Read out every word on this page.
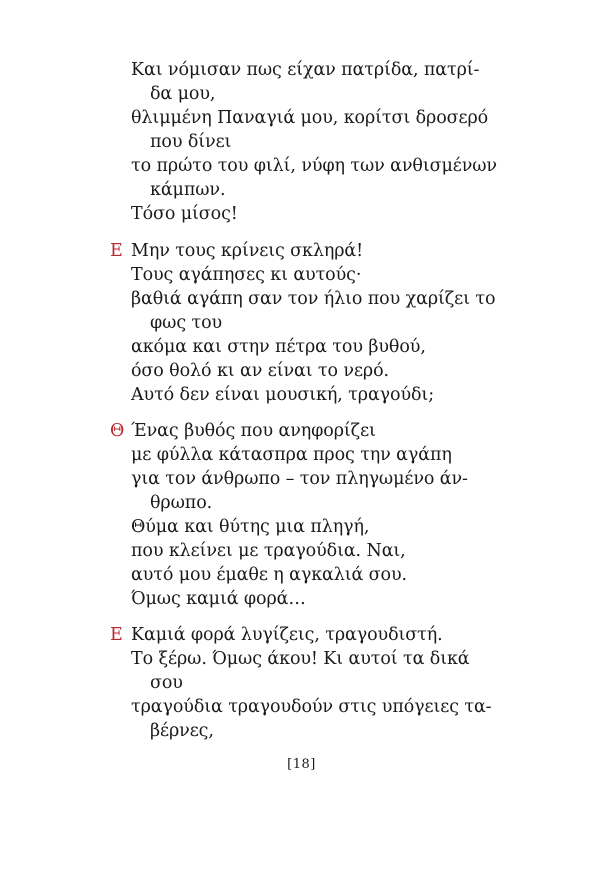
Και νόμισαν πως είχαν πατρίδα, πατρί-
δα μου,
θλιμμένη Παναγιά μου, κορίτσι δροσερό
που δίνει
το πρώτο του φιλί, νύφη των ανθισμένων
κάμπων.
Τόσο μίσος!
Ε Μην τους κρίνεις σκληρά!
Τους αγάπησες κι αυτούς·
βαθιά αγάπη σαν τον ήλιο που χαρίζει το
φως του
ακόμα και στην πέτρα του βυθού,
όσο θολό κι αν είναι το νερό.
Αυτό δεν είναι μουσική, τραγούδι;
Θ Ένας βυθός που ανηφορίζει
με φύλλα κάτασπρα προς την αγάπη
για τον άνθρωπο – τον πληγωμένο άν-
θρωπο.
Θύμα και θύτης μια πληγή,
που κλείνει με τραγούδια. Ναι,
αυτό μου έμαθε η αγκαλιά σου.
Όμως καμιά φορά…
Ε Καμιά φορά λυγίζεις, τραγουδιστή.
Το ξέρω. Όμως άκου! Κι αυτοί τα δικά
σου
τραγούδια τραγουδούν στις υπόγειες τα-
βέρνες,
[18]
